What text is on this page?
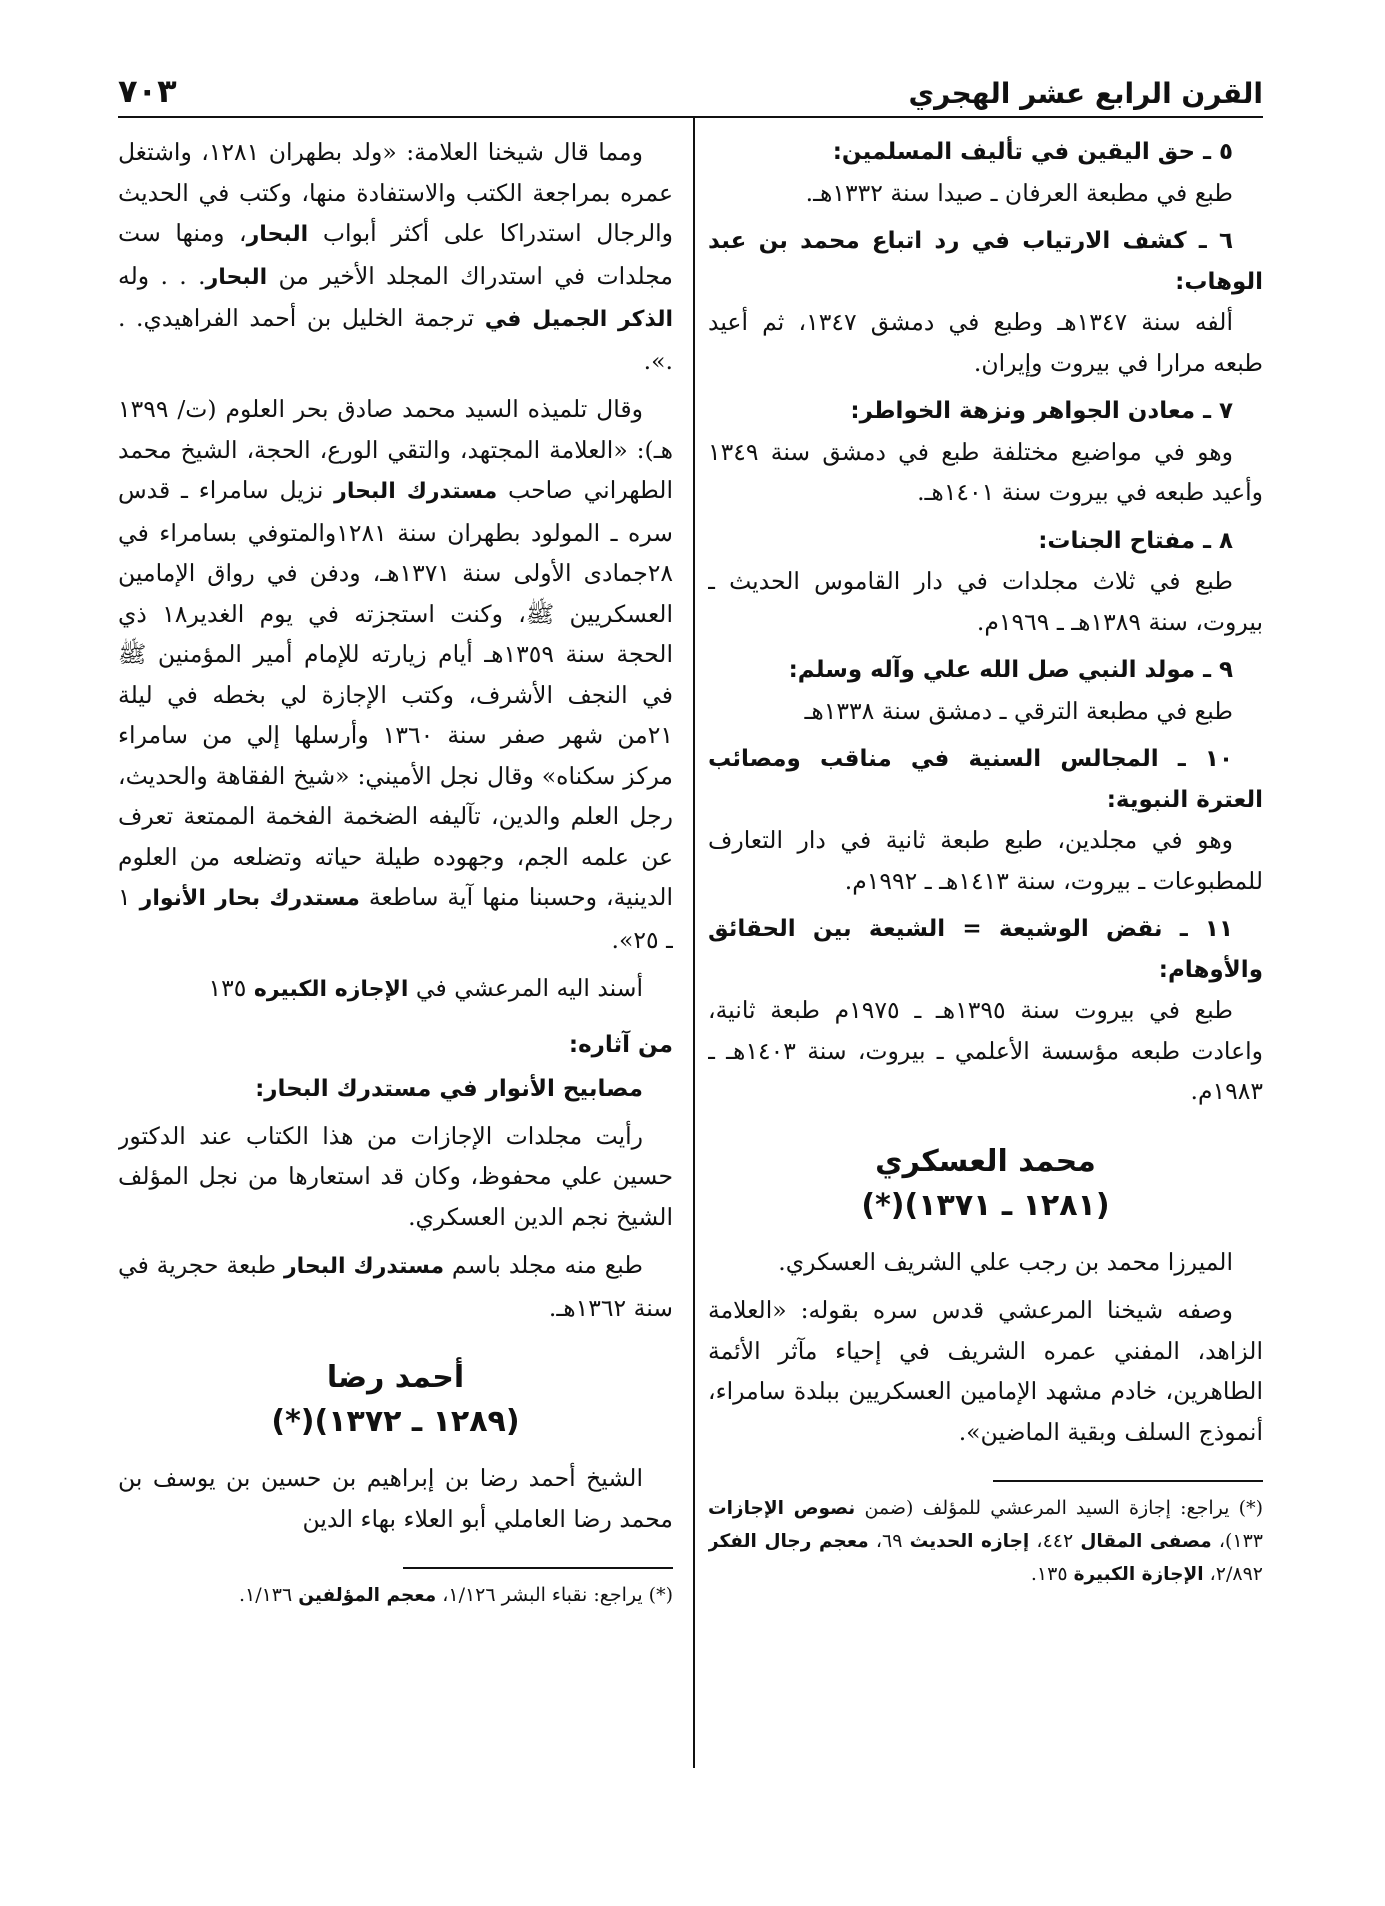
القرن الرابع عشر الهجري
٧٠٣
٥ ـ حق اليقين في تأليف المسلمين:

طبع في مطبعة العرفان ـ صيدا سنة ١٣٣٢هـ.

٦ ـ كشف الارتياب في رد اتباع محمد بن عبد الوهاب:

ألفه سنة ١٣٤٧هـ وطبع في دمشق ١٣٤٧، ثم أعيد طبعه مرارا في بيروت وإيران.

٧ ـ معادن الجواهر ونزهة الخواطر:

وهو في مواضيع مختلفة طبع في دمشق سنة ١٣٤٩ وأعيد طبعه في بيروت سنة ١٤٠١هـ.

٨ ـ مفتاح الجنات:

طبع في ثلاث مجلدات في دار القاموس الحديث ـ بيروت، سنة ١٣٨٩هـ ـ ١٩٦٩م.

٩ ـ مولد النبي صل الله علي وآله وسلم:

طبع في مطبعة الترقي ـ دمشق سنة ١٣٣٨هـ

١٠ ـ المجالس السنية في مناقب ومصائب العترة النبوية:

وهو في مجلدين، طبع طبعة ثانية في دار التعارف للمطبوعات ـ بيروت، سنة ١٤١٣هـ ـ ١٩٩٢م.

١١ ـ نقض الوشيعة = الشيعة بين الحقائق والأوهام:

طبع في بيروت سنة ١٣٩٥هـ ـ ١٩٧٥م طبعة ثانية، واعادت طبعه مؤسسة الأعلمي ـ بيروت، سنة ١٤٠٣هـ ـ ١٩٨٣م.

محمد العسكري
(١٢٨١ ـ ١٣٧١)(*)

الميرزا محمد بن رجب علي الشريف العسكري.

وصفه شيخنا المرعشي قدس سره بقوله: «العلامة الزاهد، المفني عمره الشريف في إحياء مآثر الأئمة الطاهرين، خادم مشهد الإمامين العسكريين ببلدة سامراء، أنموذج السلف وبقية الماضين».

(*) يراجع: إجازة السيد المرعشي للمؤلف (ضمن نصوص الإجازات ١٣٣)، مصفى المقال ٤٤٢، إجازه الحديث ٦٩، معجم رجال الفكر ٢/٨٩٢، الإجازة الكبيرة ١٣٥.

ومما قال شيخنا العلامة: «ولد بطهران ١٢٨١، واشتغل عمره بمراجعة الكتب والاستفادة منها، وكتب في الحديث والرجال استدراكا على أكثر أبواب البحار، ومنها ست مجلدات في استدراك المجلد الأخير من البحار. . . وله الذكر الجميل في ترجمة الخليل بن أحمد الفراهيدي. . .».

وقال تلميذه السيد محمد صادق بحر العلوم (ت/ ١٣٩٩ هـ): «العلامة المجتهد، والتقي الورع، الحجة، الشيخ محمد الطهراني صاحب مستدرك البحار نزيل سامراء ـ قدس سره ـ المولود بطهران سنة ١٢٨١والمتوفي بسامراء في ٢٨جمادى الأولى سنة ١٣٧١هـ، ودفن في رواق الإمامين العسكريين ﷺ، وكنت استجزته في يوم الغدير١٨ ذي الحجة سنة ١٣٥٩هـ أيام زيارته للإمام أمير المؤمنين ﷺ في النجف الأشرف، وكتب الإجازة لي بخطه في ليلة ٢١من شهر صفر سنة ١٣٦٠ وأرسلها إلي من سامراء مركز سكناه» وقال نجل الأميني: «شيخ الفقاهة والحديث، رجل العلم والدين، تآليفه الضخمة الفخمة الممتعة تعرف عن علمه الجم، وجهوده طيلة حياته وتضلعه من العلوم الدينية، وحسبنا منها آية ساطعة مستدرك بحار الأنوار ١ ـ ٢٥».

أسند اليه المرعشي في الإجازه الكبيره ١٣٥

من آثاره:
مصابيح الأنوار في مستدرك البحار:

رأيت مجلدات الإجازات من هذا الكتاب عند الدكتور حسين علي محفوظ، وكان قد استعارها من نجل المؤلف الشيخ نجم الدين العسكري.

طبع منه مجلد باسم مستدرك البحار طبعة حجرية في سنة ١٣٦٢هـ.

أحمد رضا
(١٢٨٩ ـ ١٣٧٢)(*)

الشيخ أحمد رضا بن إبراهيم بن حسين بن يوسف بن محمد رضا العاملي أبو العلاء بهاء الدين

(*) يراجع: نقباء البشر ١/١٢٦، معجم المؤلفين ١/١٣٦.
